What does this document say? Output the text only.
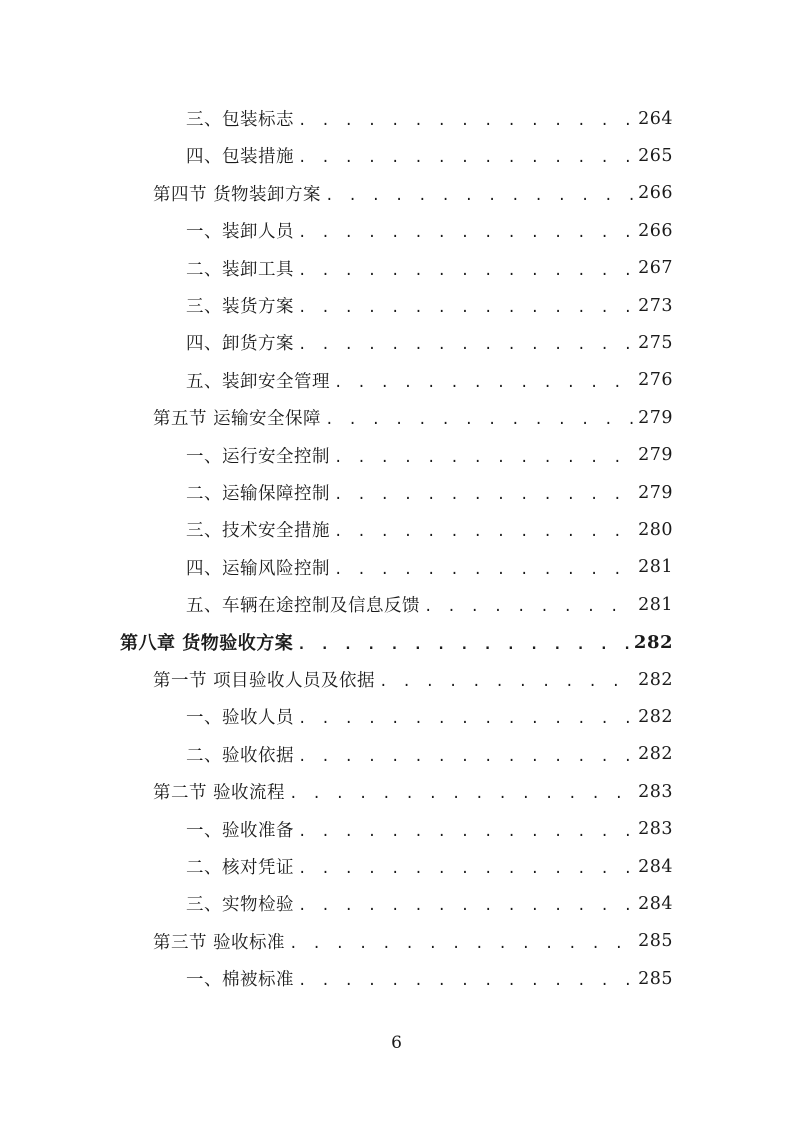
三、包装标志 . . .	264
四、包装措施 . . .	265
第四节 货物装卸方案 . . .	266
一、装卸人员 . . .	266
二、装卸工具 . . .	267
三、装货方案 . . .	273
四、卸货方案 . . .	275
五、装卸安全管理 . . .	276
第五节 运输安全保障 . . .	279
一、运行安全控制 . . .	279
二、运输保障控制 . . .	279
三、技术安全措施 . . .	280
四、运输风险控制 . . .	281
五、车辆在途控制及信息反馈 . . .	281
第八章 货物验收方案 . . .	282
第一节 项目验收人员及依据 . . .	282
一、验收人员 . . .	282
二、验收依据 . . .	282
第二节 验收流程 . . .	283
一、验收准备 . . .	283
二、核对凭证 . . .	284
三、实物检验 . . .	284
第三节 验收标准 . . .	285
一、棉被标准 . . .	285
6
